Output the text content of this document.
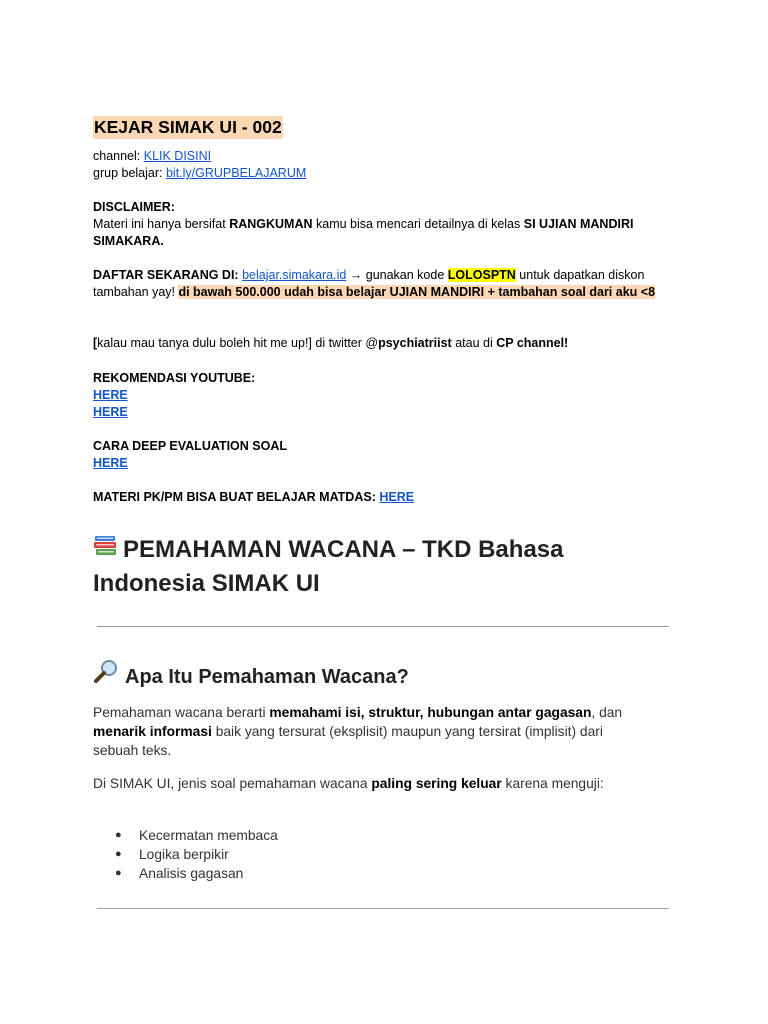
KEJAR SIMAK UI - 002
channel: KLIK DISINI
grup belajar: bit.ly/GRUPBELAJARUM
DISCLAIMER:
Materi ini hanya bersifat RANGKUMAN kamu bisa mencari detailnya di kelas SI UJIAN MANDIRI SIMAKARA.
DAFTAR SEKARANG DI: belajar.simakara.id → gunakan kode LOLOSPTN untuk dapatkan diskon tambahan yay! di bawah 500.000 udah bisa belajar UJIAN MANDIRI + tambahan soal dari aku <8
[kalau mau tanya dulu boleh hit me up!] di twitter @psychiatriist atau di CP channel!
REKOMENDASI YOUTUBE:
HERE
HERE
CARA DEEP EVALUATION SOAL
HERE
MATERI PK/PM BISA BUAT BELAJAR MATDAS: HERE
PEMAHAMAN WACANA – TKD Bahasa Indonesia SIMAK UI
Apa Itu Pemahaman Wacana?
Pemahaman wacana berarti memahami isi, struktur, hubungan antar gagasan, dan menarik informasi baik yang tersurat (eksplisit) maupun yang tersirat (implisit) dari sebuah teks.
Di SIMAK UI, jenis soal pemahaman wacana paling sering keluar karena menguji:
● Kecermatan membaca
● Logika berpikir
● Analisis gagasan
